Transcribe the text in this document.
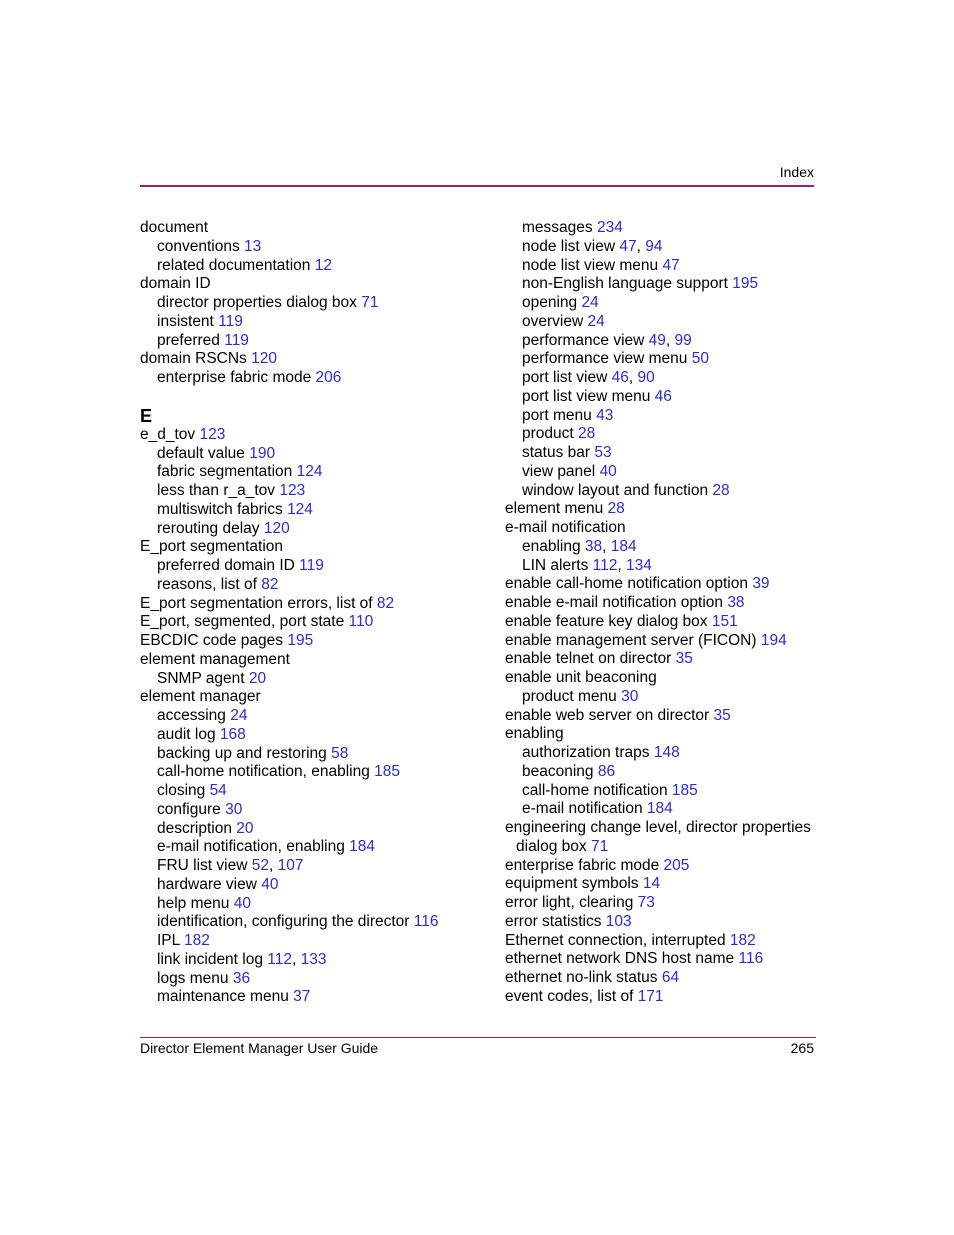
Index
document
conventions 13
related documentation 12
domain ID
director properties dialog box 71
insistent 119
preferred 119
domain RSCNs 120
enterprise fabric mode 206
E
e_d_tov 123
default value 190
fabric segmentation 124
less than r_a_tov 123
multiswitch fabrics 124
rerouting delay 120
E_port segmentation
preferred domain ID 119
reasons, list of 82
E_port segmentation errors, list of 82
E_port, segmented, port state 110
EBCDIC code pages 195
element management
SNMP agent 20
element manager
accessing 24
audit log 168
backing up and restoring 58
call-home notification, enabling 185
closing 54
configure 30
description 20
e-mail notification, enabling 184
FRU list view 52, 107
hardware view 40
help menu 40
identification, configuring the director 116
IPL 182
link incident log 112, 133
logs menu 36
maintenance menu 37
messages 234
node list view 47, 94
node list view menu 47
non-English language support 195
opening 24
overview 24
performance view 49, 99
performance view menu 50
port list view 46, 90
port list view menu 46
port menu 43
product 28
status bar 53
view panel 40
window layout and function 28
element menu 28
e-mail notification
enabling 38, 184
LIN alerts 112, 134
enable call-home notification option 39
enable e-mail notification option 38
enable feature key dialog box 151
enable management server (FICON) 194
enable telnet on director 35
enable unit beaconing
product menu 30
enable web server on director 35
enabling
authorization traps 148
beaconing 86
call-home notification 185
e-mail notification 184
engineering change level, director properties
dialog box 71
enterprise fabric mode 205
equipment symbols 14
error light, clearing 73
error statistics 103
Ethernet connection, interrupted 182
ethernet network DNS host name 116
ethernet no-link status 64
event codes, list of 171
Director Element Manager User Guide	265
